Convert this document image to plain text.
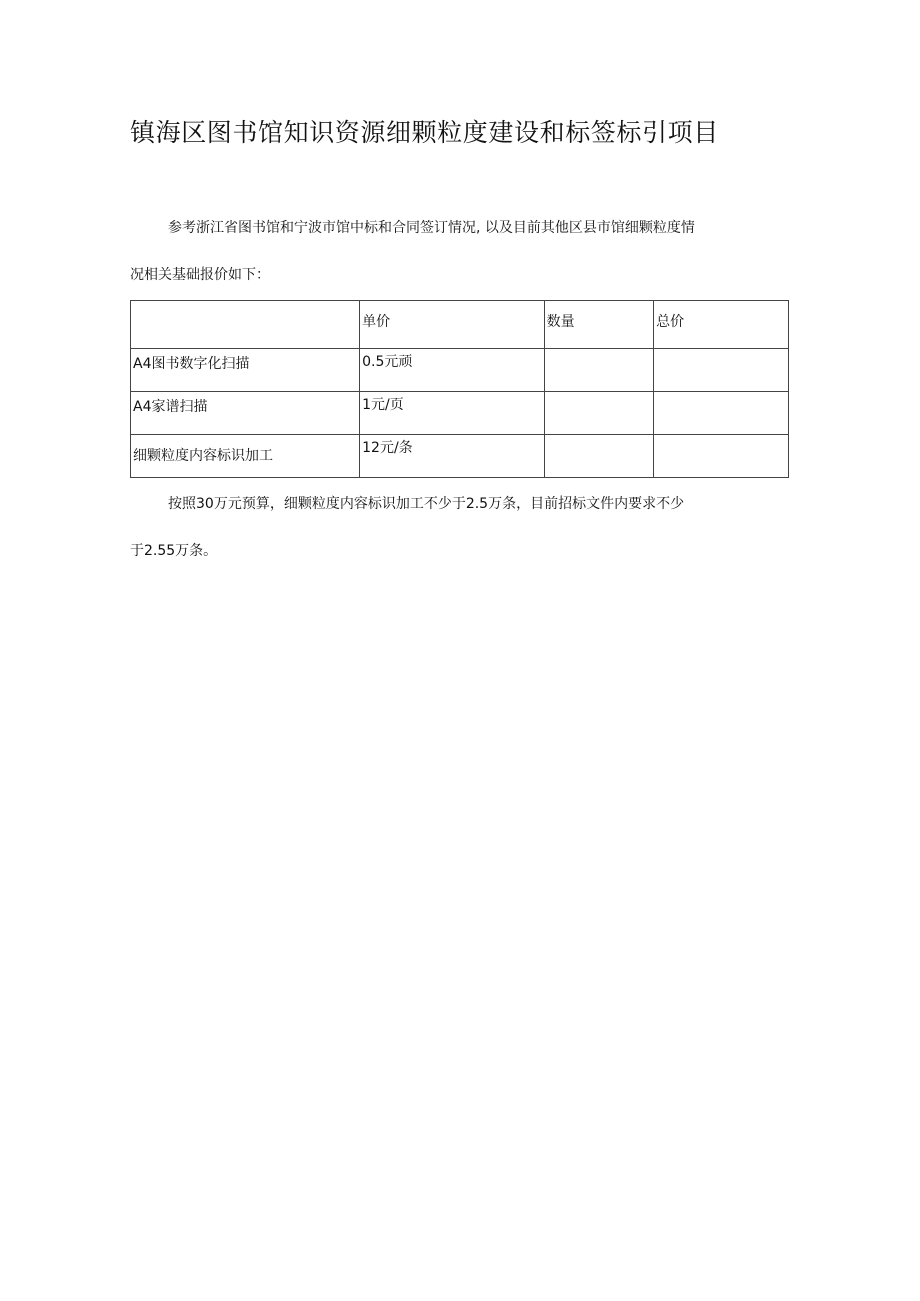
镇海区图书馆知识资源细颗粒度建设和标签标引项目
参考浙江省图书馆和宁波市馆中标和合同签订情况, 以及目前其他区县市馆细颗粒度情
况相关基础报价如下：
	单价	数量	总价
A4图书数字化扫描	0.5元顽		
A4家谱扫描	1元/页		
细颗粒度内容标识加工	12元/条		
按照30万元预算，细颗粒度内容标识加工不少于2.5万条，目前招标文件内要求不少
于2.55万条。
